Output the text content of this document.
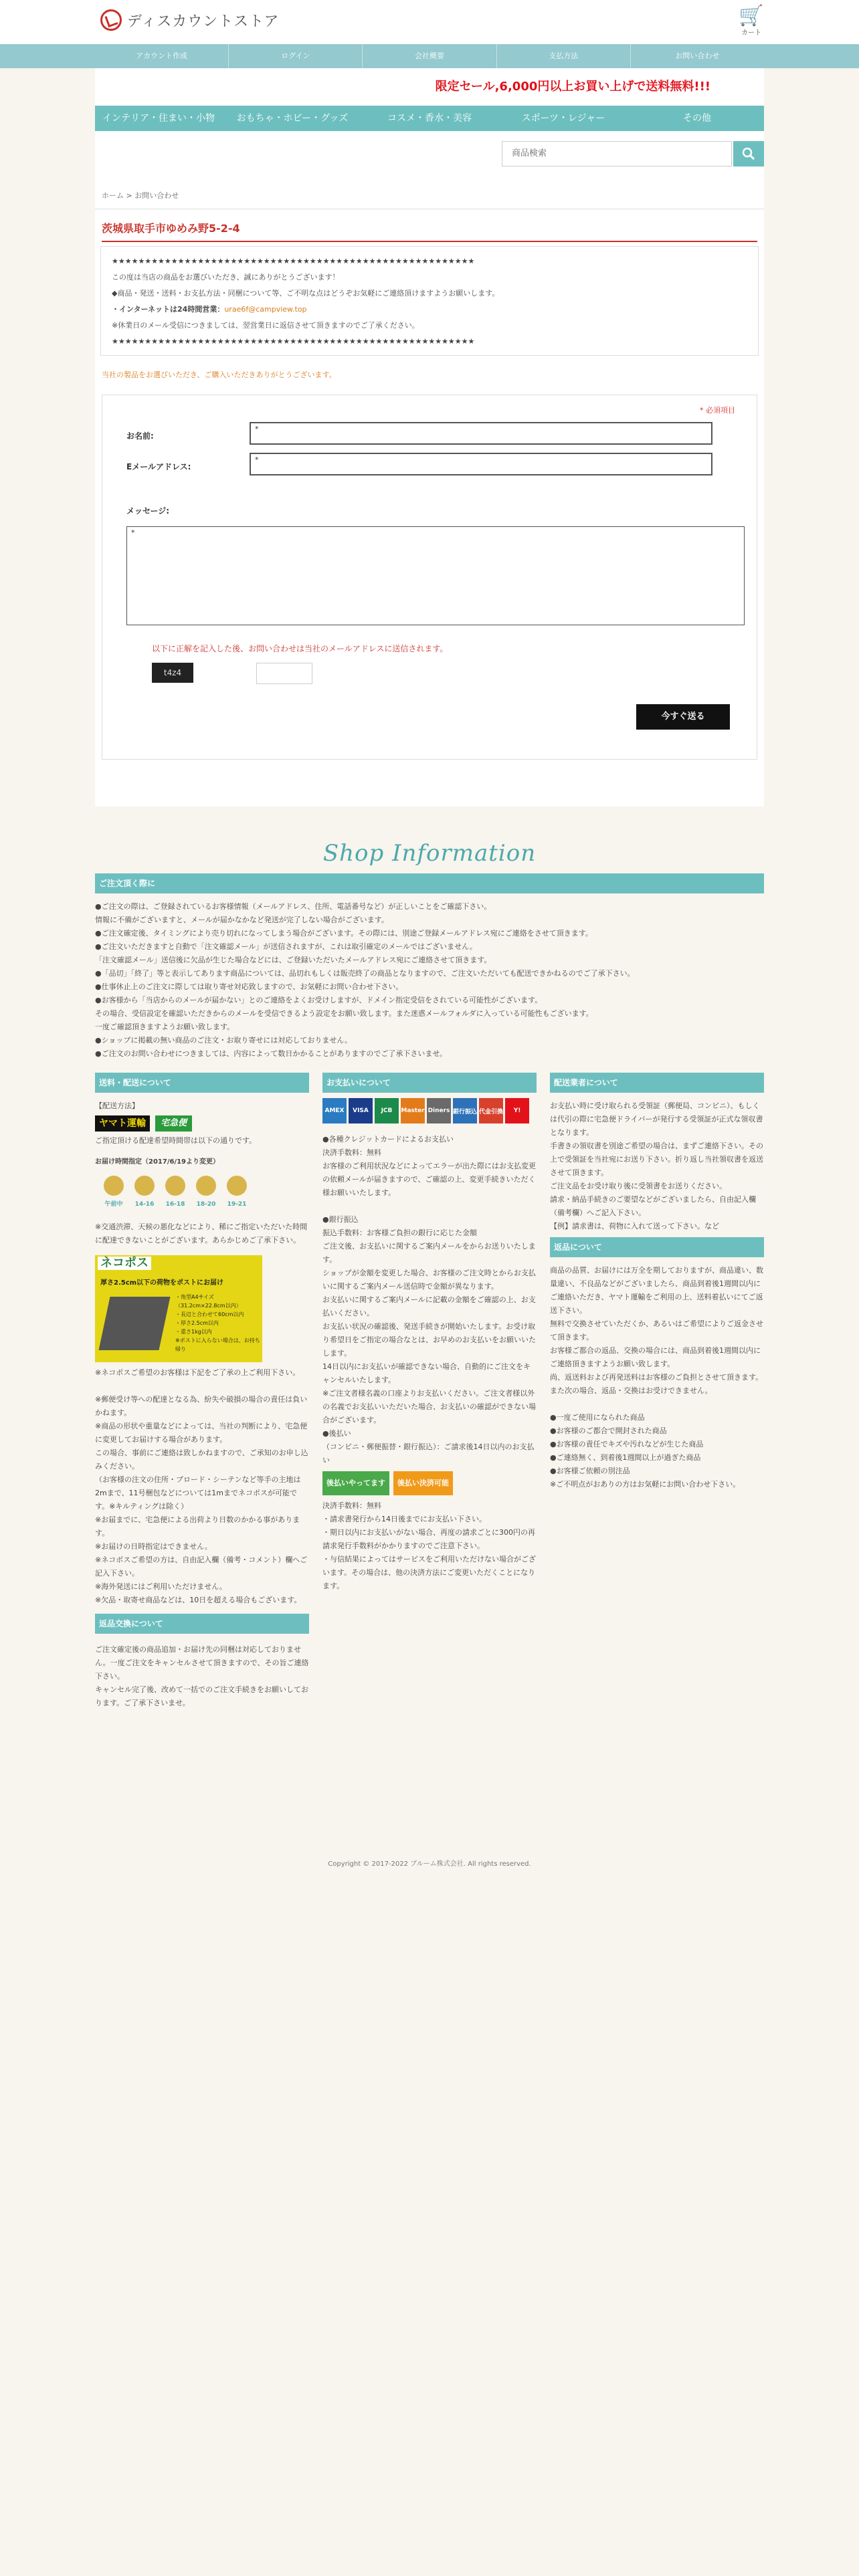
ディスカウントストア	🛒
カート
アカウント作成	ログイン	会社概要	支払方法	お問い合わせ
限定セール,6,000円以上お買い上げで送料無料!!!
インテリア・住まい・小物	おもちゃ・ホビー・グッズ	コスメ・香水・美容	スポーツ・レジャー	その他
商品検索
ホーム > お問い合わせ
茨城県取手市ゆめみ野5-2-4
★★★★★★★★★★★★★★★★★★★★★★★★★★★★★★★★★★★★★★★★★★★★★★★★★★★★★★★
この度は当店の商品をお選びいただき、誠にありがとうございます！
◆商品・発送・送料・お支払方法・同梱について等、ご不明な点はどうぞお気軽にご連絡頂けますようお願いします。
・インターネットは24時間営業：urae6f@campview.top
※休業日のメール受信につきましては、翌営業日に返信させて頂きますのでご了承ください。
★★★★★★★★★★★★★★★★★★★★★★★★★★★★★★★★★★★★★★★★★★★★★★★★★★★★★★★
当社の製品をお選びいただき、ご購入いただきありがとうございます。
* 必須項目
お名前:
*
Eメールアドレス:
*
メッセージ:
*
以下に正解を記入した後、お問い合わせは当社のメールアドレスに送信されます。
t4z4
今すぐ送る
Shop Information
ご注文頂く際に
●ご注文の際は、ご登録されているお客様情報（メールアドレス、住所、電話番号など）が正しいことをご確認下さい。
情報に不備がございますと、メールが届かなかなど発送が完了しない場合がございます。
●ご注文確定後、タイミングにより売り切れになってしまう場合がございます。その際には、別途ご登録メールアドレス宛にご連絡をさせて頂きます。
●ご注文いただきますと自動で「注文確認メール」が送信されますが、これは取引確定のメールではございません。
「注文確認メール」送信後に欠品が生じた場合などには、ご登録いただいたメールアドレス宛にご連絡させて頂きます。
●「品切」「終了」等と表示してあります商品については、品切れもしくは販売終了の商品となりますので、ご注文いただいても配送できかねるのでご了承下さい。
●仕事休止上のご注文に際しては取り寄せ対応致しますので、お気軽にお問い合わせ下さい。
●お客様から「当店からのメールが届かない」とのご連絡をよくお受けしますが、ドメイン指定受信をされている可能性がございます。
その場合、受信設定を確認いただきからのメールを受信できるよう設定をお願い致します。また迷惑メールフォルダに入っている可能性もございます。
一度ご確認頂きますようお願い致します。
●ショップに掲載の無い商品のご注文・お取り寄せには対応しておりません。
●ご注文のお問い合わせにつきましては、内容によって数日かかることがありますのでご了承下さいませ。
送料・配送について
【配送方法】
ヤマト運輸	宅急便
ご指定頂ける配達希望時間帯は以下の通りです。
お届け時間指定（2017/6/19より変更）
午前中	14-16	16-18	18-20	19-21
※交通渋滞、天候の悪化などにより、稀にご指定いただいた時間に配達できないことがございます。あらかじめご了承下さい。
ネコポス
厚さ2.5cm以下の荷物をポストにお届け
・角型A4サイズ（31.2cm×22.8cm以内）
・長辺と合わせて60cm以内
・厚さ2.5cm以内
・重さ1kg以内
※ポストに入らない場合は、お持ち帰り
※ネコポスご希望のお客様は下記をご了承の上ご利用下さい。

※郵便受け等への配達となる為、紛失や破損の場合の責任は負いかねます。
※商品の形状や重量などによっては、当社の判断により、宅急便に変更してお届けする場合があります。
この場合、事前にご連絡は致しかねますので、ご承知のお申し込みください。
（お客様の注文の住所・ブロード・シーテンなど等手の主地は2mまで、11号梱包などについては1mまでネコポスが可能です。※キルティングは除く）
※お届までに、宅急便による出荷より日数のかかる事があります。
※お届けの日時指定はできません。
※ネコポスご希望の方は、自由記入欄（備考・コメント）欄へご記入下さい。
※海外発送にはご利用いただけません。
※欠品・取寄せ商品などは、10日を超える場合もございます。
返品交換について
ご注文確定後の商品追加・お届け先の同梱は対応しておりません。一度ご注文をキャンセルさせて頂きますので、その旨ご連絡下さい。
キャンセル完了後、改めて一括でのご注文手続きをお願いしております。ご了承下さいませ。
お支払いについて
AMEX	VISA	JCB	Master Diners 銀行振込 代金引換	Y!
●各種クレジットカードによるお支払い
決済手数料：無料
お客様のご利用状況などによってエラーが出た際にはお支払変更の依頼メールが届きますので、ご確認の上、変更手続きいただく様お願いいたします。

●銀行振込
振込手数料：お客様ご負担の銀行に応じた金額
ご注文後、お支払いに関するご案内メールをからお送りいたします。
ショップが金額を変更した場合、お客様のご注文時とからお支払いに関するご案内メール送信時で金額が異なります。
お支払いに関するご案内メールに記載の金額をご確認の上、お支払いください。
お支払い状況の確認後、発送手続きが開始いたします。お受け取り希望日をご指定の場合なとは、お早めのお支払いをお願いいたします。
14日以内にお支払いが確認できない場合、自動的にご注文をキャンセルいたします。
※ご注文者様名義の口座よりお支払いください。ご注文者様以外の名義でお支払いいただいた場合、お支払いの確認ができない場合がございます。
●後払い
（コンビニ・郵便振替・銀行振込）：ご請求後14日以内のお支払い
後払いやってます	後払い決済可能
決済手数料：無料
・請求書発行から14日後までにお支払い下さい。
・期日以内にお支払いがない場合、再度の請求ごとに300円の再請求発行手数料がかかりますのでご注意下さい。
・与信結果によってはサービスをご利用いただけない場合がございます。その場合は、他の決済方法にご変更いただくことになります。
配送業者について
お支払い時に受け取られる受領証（郵便局、コンビニ）、もしくは代引の際に宅急便ドライバーが発行する受領証が正式な領収書となります。
手書きの領収書を別途ご希望の場合は、まずご連絡下さい。その上で受領証を当社宛にお送り下さい。折り返し当社領収書を返送させて頂きます。
ご注文品をお受け取り後に受領書をお送りください。
請求・納品手続きのご要望などがございましたら、自由記入欄（備考欄）へご記入下さい。
【例】請求書は、荷物に入れて送って下さい。など
返品について
商品の品質、お届けには万全を期しておりますが、商品違い、数量違い、不良品などがございましたら、商品到着後1週間以内にご連絡いただき、ヤマト運輸をご利用の上、送料着払いにてご返送下さい。
無料で交換させていただくか、あるいはご希望によりご返金させて頂きます。
お客様ご都合の返品、交換の場合には、商品到着後1週間以内にご連絡頂きますようお願い致します。
尚、返送料および再発送料はお客様のご負担とさせて頂きます。
また次の場合、返品・交換はお受けできません。

●一度ご使用になられた商品
●お客様のご都合で開封された商品
●お客様の責任でキズや汚れなどが生じた商品
●ご連絡無く、到着後1週間以上が過ぎた商品
●お客様ご依頼の別注品
※ご不明点がおありの方はお気軽にお問い合わせ下さい。
Copyright © 2017-2022 ブルーム株式会社. All rights reserved.
